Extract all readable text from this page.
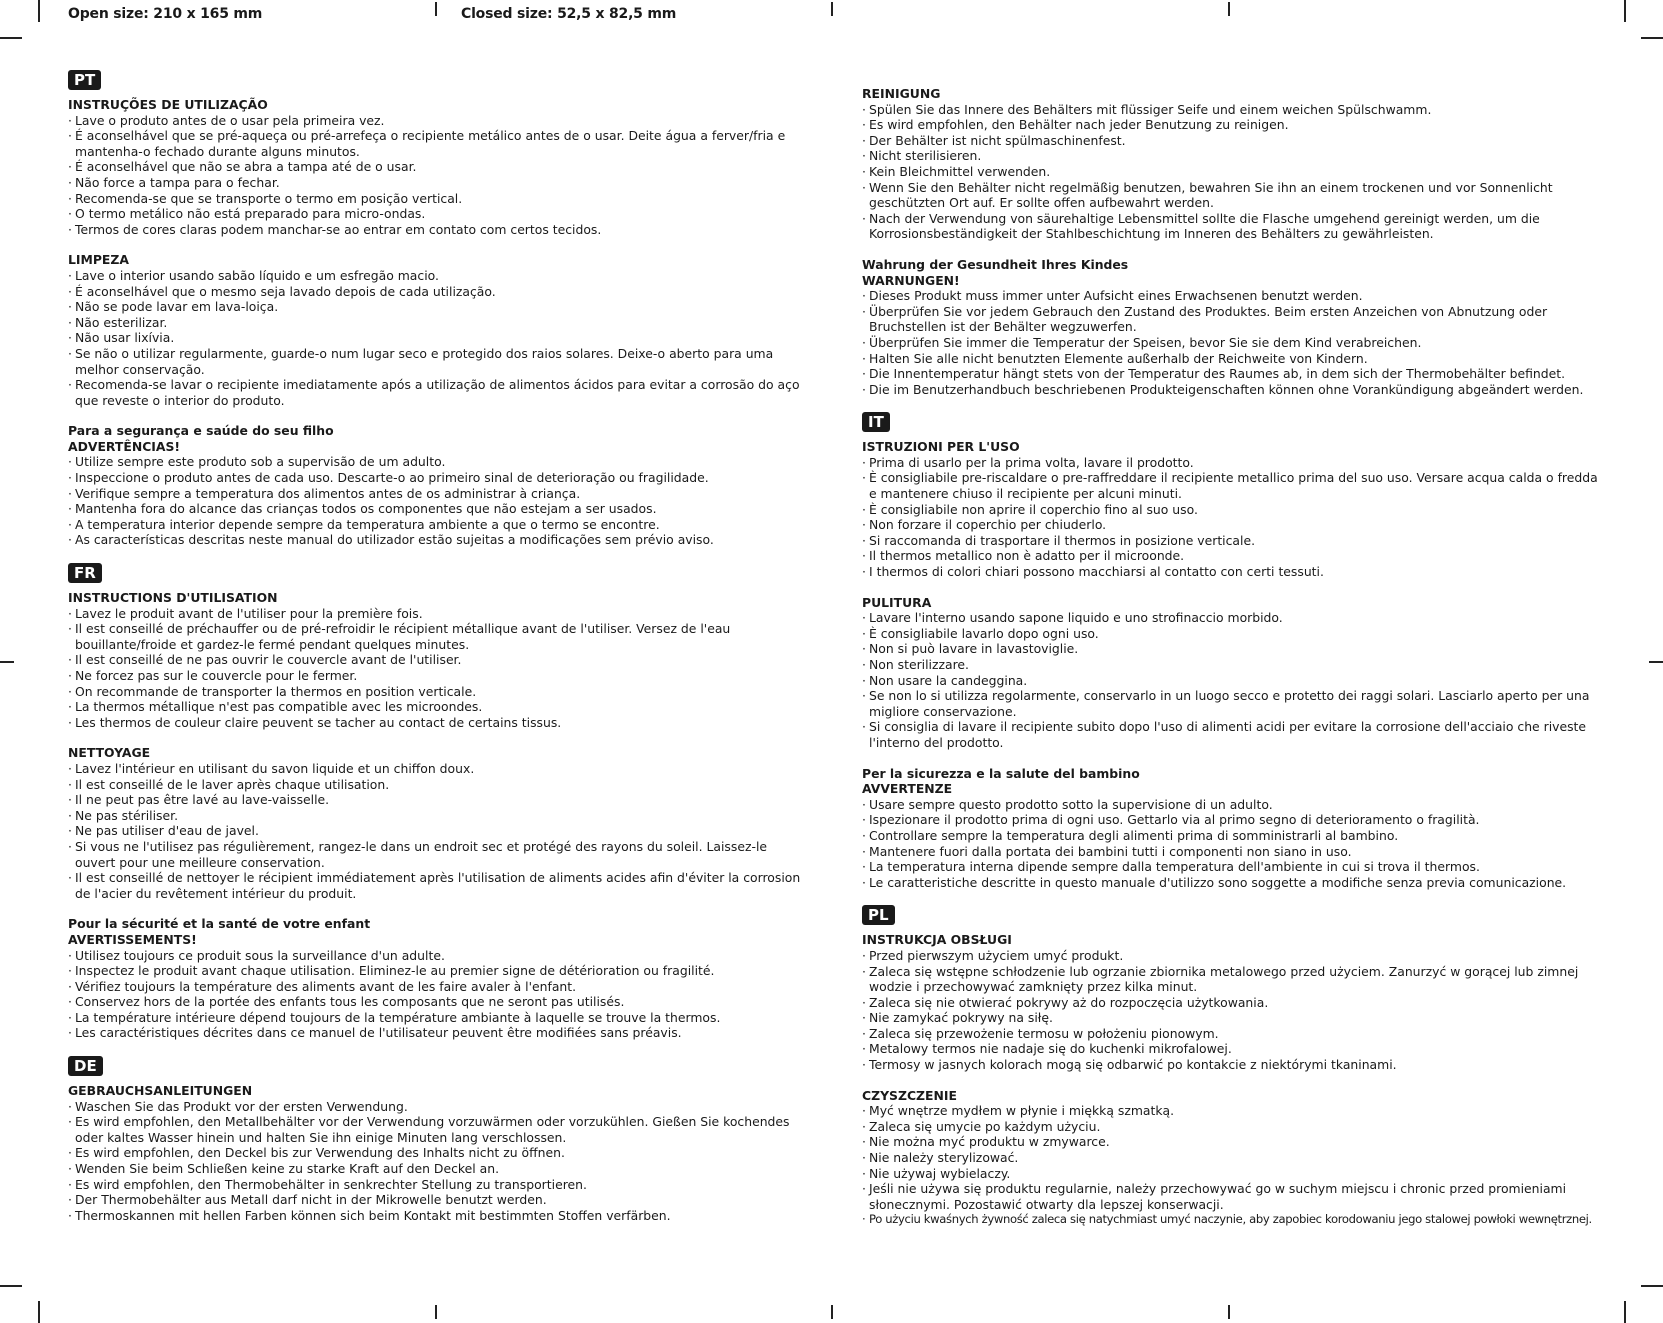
Open size: 210 x 165 mm	Closed size: 52,5 x 82,5 mm
PT
INSTRUÇÕES DE UTILIZAÇÃO
· Lave o produto antes de o usar pela primeira vez.
· É aconselhável que se pré-aqueça ou pré-arrefeça o recipiente metálico antes de o usar. Deite água a ferver/fria e mantenha-o fechado durante alguns minutos.
· É aconselhável que não se abra a tampa até de o usar.
· Não force a tampa para o fechar.
· Recomenda-se que se transporte o termo em posição vertical.
· O termo metálico não está preparado para micro-ondas.
· Termos de cores claras podem manchar-se ao entrar em contato com certos tecidos.
LIMPEZA
· Lave o interior usando sabão líquido e um esfregão macio.
· É aconselhável que o mesmo seja lavado depois de cada utilização.
· Não se pode lavar em lava-loiça.
· Não esterilizar.
· Não usar lixívia.
· Se não o utilizar regularmente, guarde-o num lugar seco e protegido dos raios solares. Deixe-o aberto para uma melhor conservação.
· Recomenda-se lavar o recipiente imediatamente após a utilização de alimentos ácidos para evitar a corrosão do aço que reveste o interior do produto.
Para a segurança e saúde do seu filho
ADVERTÊNCIAS!
· Utilize sempre este produto sob a supervisão de um adulto.
· Inspeccione o produto antes de cada uso. Descarte-o ao primeiro sinal de deterioração ou fragilidade.
· Verifique sempre a temperatura dos alimentos antes de os administrar à criança.
· Mantenha fora do alcance das crianças todos os componentes que não estejam a ser usados.
· A temperatura interior depende sempre da temperatura ambiente a que o termo se encontre.
· As características descritas neste manual do utilizador estão sujeitas a modificações sem prévio aviso.
FR
INSTRUCTIONS D'UTILISATION
· Lavez le produit avant de l'utiliser pour la première fois.
· Il est conseillé de préchauffer ou de pré-refroidir le récipient métallique avant de l'utiliser. Versez de l'eau bouillante/froide et gardez-le fermé pendant quelques minutes.
· Il est conseillé de ne pas ouvrir le couvercle avant de l'utiliser.
· Ne forcez pas sur le couvercle pour le fermer.
· On recommande de transporter la thermos en position verticale.
· La thermos métallique n'est pas compatible avec les microondes.
· Les thermos de couleur claire peuvent se tacher au contact de certains tissus.
NETTOYAGE
· Lavez l'intérieur en utilisant du savon liquide et un chiffon doux.
· Il est conseillé de le laver après chaque utilisation.
· Il ne peut pas être lavé au lave-vaisselle.
· Ne pas stériliser.
· Ne pas utiliser d'eau de javel.
· Si vous ne l'utilisez pas régulièrement, rangez-le dans un endroit sec et protégé des rayons du soleil. Laissez-le ouvert pour une meilleure conservation.
· Il est conseillé de nettoyer le récipient immédiatement après l'utilisation de aliments acides afin d'éviter la corrosion de l'acier du revêtement intérieur du produit.
Pour la sécurité et la santé de votre enfant
AVERTISSEMENTS!
· Utilisez toujours ce produit sous la surveillance d'un adulte.
· Inspectez le produit avant chaque utilisation. Eliminez-le au premier signe de détérioration ou fragilité.
· Vérifiez toujours la température des aliments avant de les faire avaler à l'enfant.
· Conservez hors de la portée des enfants tous les composants que ne seront pas utilisés.
· La température intérieure dépend toujours de la température ambiante à laquelle se trouve la thermos.
· Les caractéristiques décrites dans ce manuel de l'utilisateur peuvent être modifiées sans préavis.
DE
GEBRAUCHSANLEITUNGEN
· Waschen Sie das Produkt vor der ersten Verwendung.
· Es wird empfohlen, den Metallbehälter vor der Verwendung vorzuwärmen oder vorzukühlen. Gießen Sie kochendes oder kaltes Wasser hinein und halten Sie ihn einige Minuten lang verschlossen.
· Es wird empfohlen, den Deckel bis zur Verwendung des Inhalts nicht zu öffnen.
· Wenden Sie beim Schließen keine zu starke Kraft auf den Deckel an.
· Es wird empfohlen, den Thermobehälter in senkrechter Stellung zu transportieren.
· Der Thermobehälter aus Metall darf nicht in der Mikrowelle benutzt werden.
· Thermoskannen mit hellen Farben können sich beim Kontakt mit bestimmten Stoffen verfärben.
REINIGUNG
· Spülen Sie das Innere des Behälters mit flüssiger Seife und einem weichen Spülschwamm.
· Es wird empfohlen, den Behälter nach jeder Benutzung zu reinigen.
· Der Behälter ist nicht spülmaschinenfest.
· Nicht sterilisieren.
· Kein Bleichmittel verwenden.
· Wenn Sie den Behälter nicht regelmäßig benutzen, bewahren Sie ihn an einem trockenen und vor Sonnenlicht geschützten Ort auf. Er sollte offen aufbewahrt werden.
· Nach der Verwendung von säurehaltige Lebensmittel sollte die Flasche umgehend gereinigt werden, um die Korrosionsbeständigkeit der Stahlbeschichtung im Inneren des Behälters zu gewährleisten.
Wahrung der Gesundheit Ihres Kindes
WARNUNGEN!
· Dieses Produkt muss immer unter Aufsicht eines Erwachsenen benutzt werden.
· Überprüfen Sie vor jedem Gebrauch den Zustand des Produktes. Beim ersten Anzeichen von Abnutzung oder Bruchstellen ist der Behälter wegzuwerfen.
· Überprüfen Sie immer die Temperatur der Speisen, bevor Sie sie dem Kind verabreichen.
· Halten Sie alle nicht benutzten Elemente außerhalb der Reichweite von Kindern.
· Die Innentemperatur hängt stets von der Temperatur des Raumes ab, in dem sich der Thermobehälter befindet.
· Die im Benutzerhandbuch beschriebenen Produkteigenschaften können ohne Vorankündigung abgeändert werden.
IT
ISTRUZIONI PER L'USO
· Prima di usarlo per la prima volta, lavare il prodotto.
· È consigliabile pre-riscaldare o pre-raffreddare il recipiente metallico prima del suo uso. Versare acqua calda o fredda e mantenere chiuso il recipiente per alcuni minuti.
· È consigliabile non aprire il coperchio fino al suo uso.
· Non forzare il coperchio per chiuderlo.
· Si raccomanda di trasportare il thermos in posizione verticale.
· Il thermos metallico non è adatto per il microonde.
· I thermos di colori chiari possono macchiarsi al contatto con certi tessuti.
PULITURA
· Lavare l'interno usando sapone liquido e uno strofinaccio morbido.
· È consigliabile lavarlo dopo ogni uso.
· Non si può lavare in lavastoviglie.
· Non sterilizzare.
· Non usare la candeggina.
· Se non lo si utilizza regolarmente, conservarlo in un luogo secco e protetto dei raggi solari. Lasciarlo aperto per una migliore conservazione.
· Si consiglia di lavare il recipiente subito dopo l'uso di alimenti acidi per evitare la corrosione dell'acciaio che riveste l'interno del prodotto.
Per la sicurezza e la salute del bambino
AVVERTENZE
· Usare sempre questo prodotto sotto la supervisione di un adulto.
· Ispezionare il prodotto prima di ogni uso. Gettarlo via al primo segno di deterioramento o fragilità.
· Controllare sempre la temperatura degli alimenti prima di somministrarli al bambino.
· Mantenere fuori dalla portata dei bambini tutti i componenti non siano in uso.
· La temperatura interna dipende sempre dalla temperatura dell'ambiente in cui si trova il thermos.
· Le caratteristiche descritte in questo manuale d'utilizzo sono soggette a modifiche senza previa comunicazione.
PL
INSTRUKCJA OBSŁUGI
· Przed pierwszym użyciem umyć produkt.
· Zaleca się wstępne schłodzenie lub ogrzanie zbiornika metalowego przed użyciem. Zanurzyć w gorącej lub zimnej wodzie i przechowywać zamknięty przez kilka minut.
· Zaleca się nie otwierać pokrywy aż do rozpoczęcia użytkowania.
· Nie zamykać pokrywy na siłę.
· Zaleca się przewożenie termosu w położeniu pionowym.
· Metalowy termos nie nadaje się do kuchenki mikrofalowej.
· Termosy w jasnych kolorach mogą się odbarwić po kontakcie z niektórymi tkaninami.
CZYSZCZENIE
· Myć wnętrze mydłem w płynie i miękką szmatką.
· Zaleca się umycie po każdym użyciu.
· Nie można myć produktu w zmywarce.
· Nie należy sterylizować.
· Nie używaj wybielaczy.
· Jeśli nie używa się produktu regularnie, należy przechowywać go w suchym miejscu i chronic przed promieniami słonecznymi. Pozostawić otwarty dla lepszej konserwacji.
· Po użyciu kwaśnych żywność zaleca się natychmiast umyć naczynie, aby zapobiec korodowaniu jego stalowej powłoki wewnętrznej.
